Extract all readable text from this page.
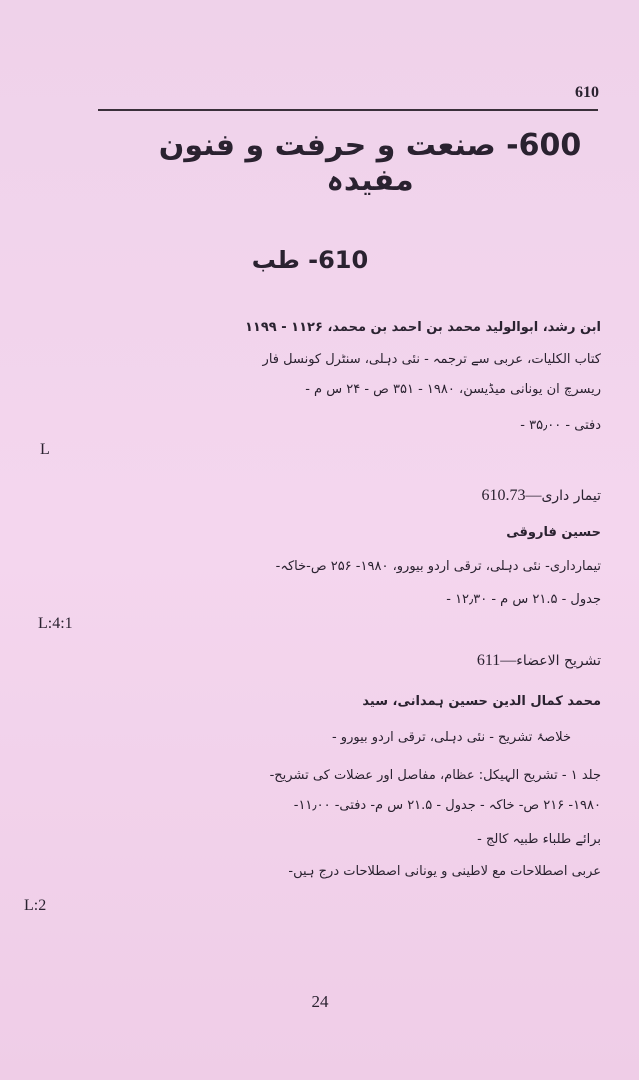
610
600- صنعت و حرفت و فنون مفیدہ
610- طب
ابن رشد، ابوالولید محمد بن احمد بن محمد، ۱۱۲۶ - ۱۱۹۹
کتاب الکلیات، عربی سے ترجمہ - نئی دہلی، سنٹرل کونسل فار
ریسرچ ان یونانی میڈیسن، ۱۹۸۰ - ۳۵۱ ص - ۲۴ س م -
دفتی - ۳۵٫۰۰ -
L
610.73—تیمار داری
حسین فاروقی
تیمارداری- نئی دہلی، ترقی اردو بیورو، ۱۹۸۰- ۲۵۶ ص-خاکہ-
جدول - ۲۱.۵ س م - ۱۲٫۳۰ -
L:4:1
611—تشریح الاعضاء
محمد کمال الدین حسین ہمدانی، سید
خلاصۂ تشریح - نئی دہلی، ترقی اردو بیورو -
جلد ۱ - تشریح الہیکل: عظام، مفاصل اور عضلات کی تشریح-
۱۹۸۰- ۲۱۶ ص- خاکہ - جدول - ۲۱.۵ س م- دفتی- ۱۱٫۰۰-
برائے طلباء طبیہ کالج -
عربی اصطلاحات مع لاطینی و یونانی اصطلاحات درج ہیں-
L:2
24
